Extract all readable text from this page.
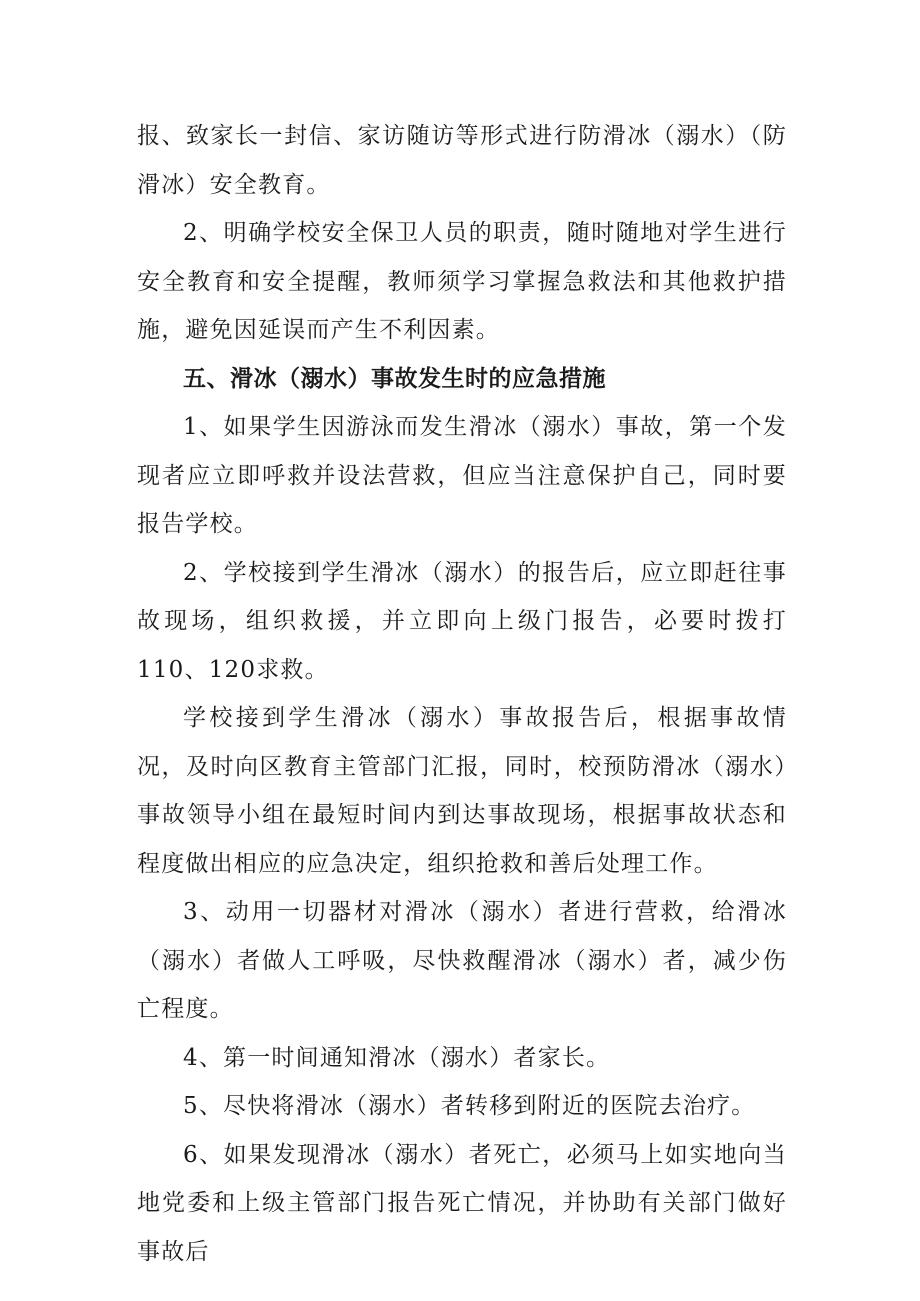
报、致家长一封信、家访随访等形式进行防滑冰（溺水）（防滑冰）安全教育。

2、明确学校安全保卫人员的职责，随时随地对学生进行安全教育和安全提醒，教师须学习掌握急救法和其他救护措施，避免因延误而产生不利因素。

五、滑冰（溺水）事故发生时的应急措施

1、如果学生因游泳而发生滑冰（溺水）事故，第一个发现者应立即呼救并设法营救，但应当注意保护自己，同时要报告学校。

2、学校接到学生滑冰（溺水）的报告后，应立即赶往事故现场，组织救援，并立即向上级门报告，必要时拨打110、120求救。

学校接到学生滑冰（溺水）事故报告后，根据事故情况，及时向区教育主管部门汇报，同时，校预防滑冰（溺水）事故领导小组在最短时间内到达事故现场，根据事故状态和程度做出相应的应急决定，组织抢救和善后处理工作。

3、动用一切器材对滑冰（溺水）者进行营救，给滑冰（溺水）者做人工呼吸，尽快救醒滑冰（溺水）者，减少伤亡程度。

4、第一时间通知滑冰（溺水）者家长。

5、尽快将滑冰（溺水）者转移到附近的医院去治疗。

6、如果发现滑冰（溺水）者死亡，必须马上如实地向当地党委和上级主管部门报告死亡情况，并协助有关部门做好事故后
